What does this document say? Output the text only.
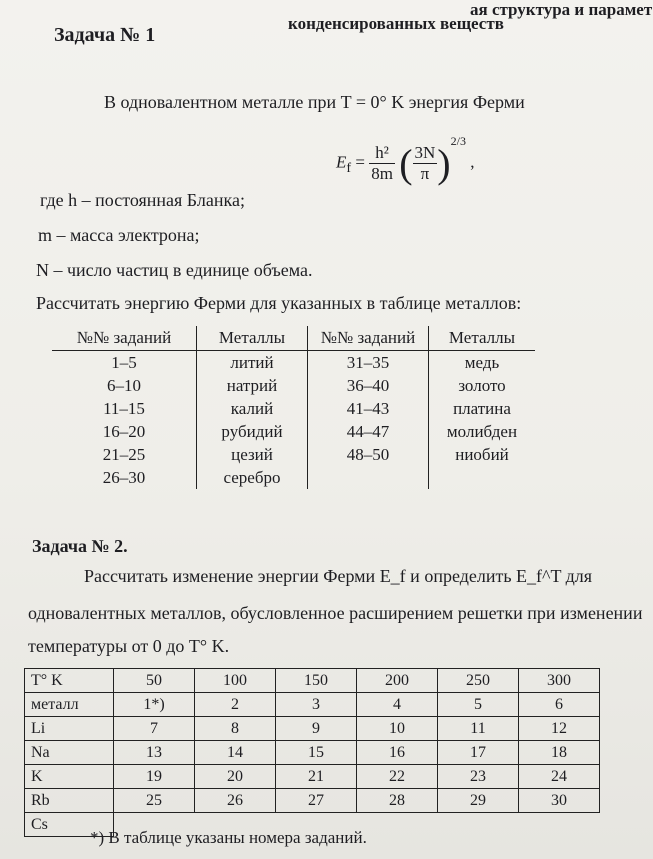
ая структура и парамет
конденсированных веществ
Задача № 1
В одновалентном металле при T = 0° K энергия Ферми
$E_f = \frac{\text{h²}}{8m}$ ( $\frac{3N}{\pi} )^{2/3}$ ,
где h – постоянная Бланка;
m – масса электрона;
N – число частиц в единице объема.
Рассчитать энергию Ферми для указанных в таблице металлов:
№№ заданий	Металлы	№№ заданий	Металлы
1–5	литий	31–35	медь
6–10	натрий	36–40	золото
11–15	калий	41–43	платина
16–20	рубидий	44–47	молибден
21–25	цезий	48–50	ниобий
26–30	серебро		
Задача № 2.
Рассчитать изменение энергии Ферми E_f и определить E_f^T для
одновалентных металлов, обусловленное расширением решетки при изменении
температуры от 0 до T° K.
T° K	50	100	150	200	250	300
металл	1*)	2	3	4	5	6
Li	7	8	9	10	11	12
Na	13	14	15	16	17	18
K	19	20	21	22	23	24
Rb	25	26	27	28	29	30
Cs						
*) В таблице указаны номера заданий.
